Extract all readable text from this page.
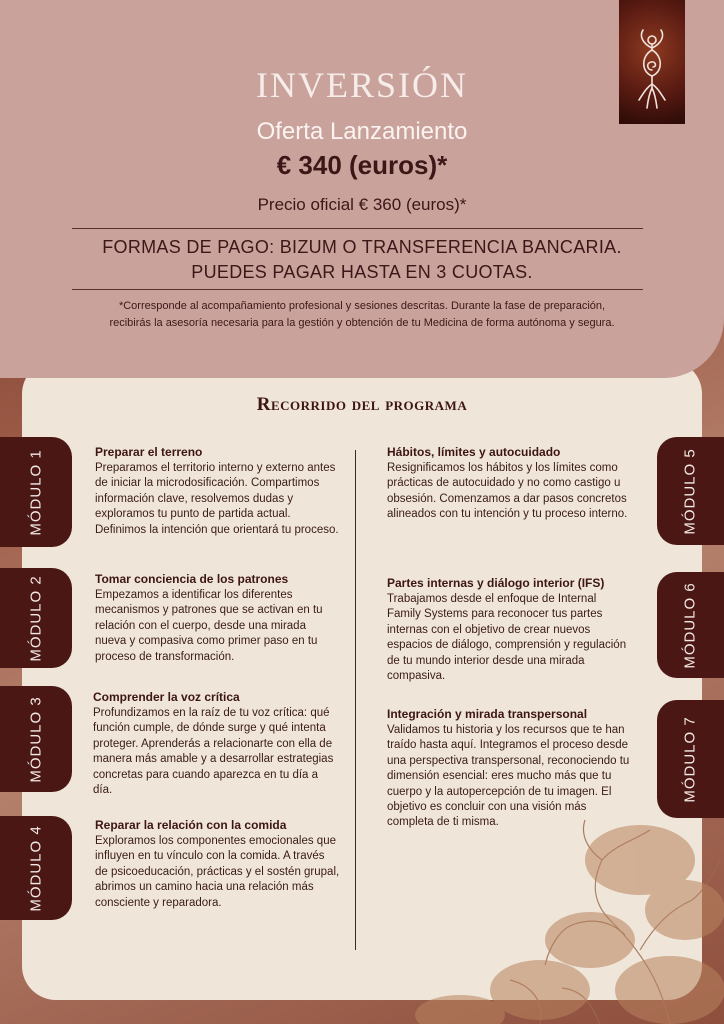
INVERSIÓN
Oferta Lanzamiento
€ 340 (euros)*
Precio oficial € 360 (euros)*
FORMAS DE PAGO: BIZUM O TRANSFERENCIA BANCARIA.
PUEDES PAGAR HASTA EN 3 CUOTAS.
*Corresponde al acompañamiento profesional y sesiones descritas. Durante la fase de preparación, recibirás la asesoría necesaria para la gestión y obtención de tu Medicina de forma autónoma y segura.
Recorrido del programa
MÓDULO 1
MÓDULO 2
MÓDULO 3
MÓDULO 4
MÓDULO 5
MÓDULO 6
MÓDULO 7
Preparar el terreno

Preparamos el territorio interno y externo antes de iniciar la microdosificación. Compartimos información clave, resolvemos dudas y exploramos tu punto de partida actual. Definimos la intención que orientará tu proceso.

Tomar conciencia de los patrones

Empezamos a identificar los diferentes mecanismos y patrones que se activan en tu relación con el cuerpo, desde una mirada nueva y compasiva como primer paso en tu proceso de transformación.

Comprender la voz crítica

Profundizamos en la raíz de tu voz crítica: qué función cumple, de dónde surge y qué intenta proteger. Aprenderás a relacionarte con ella de manera más amable y a desarrollar estrategias concretas para cuando aparezca en tu día a día.

Reparar la relación con la comida

Exploramos los componentes emocionales que influyen en tu vínculo con la comida. A través de psicoeducación, prácticas y el sostén grupal, abrimos un camino hacia una relación más consciente y reparadora.

Hábitos, límites y autocuidado

Resignificamos los hábitos y los límites como prácticas de autocuidado y no como castigo u obsesión. Comenzamos a dar pasos concretos alineados con tu intención y tu proceso interno.

Partes internas y diálogo interior (IFS)

Trabajamos desde el enfoque de Internal Family Systems para reconocer tus partes internas con el objetivo de crear nuevos espacios de diálogo, comprensión y regulación de tu mundo interior desde una mirada compasiva.

Integración y mirada transpersonal

Validamos tu historia y los recursos que te han traído hasta aquí. Integramos el proceso desde una perspectiva transpersonal, reconociendo tu dimensión esencial: eres mucho más que tu cuerpo y la autopercepción de tu imagen. El objetivo es concluir con una visión más completa de ti misma.
